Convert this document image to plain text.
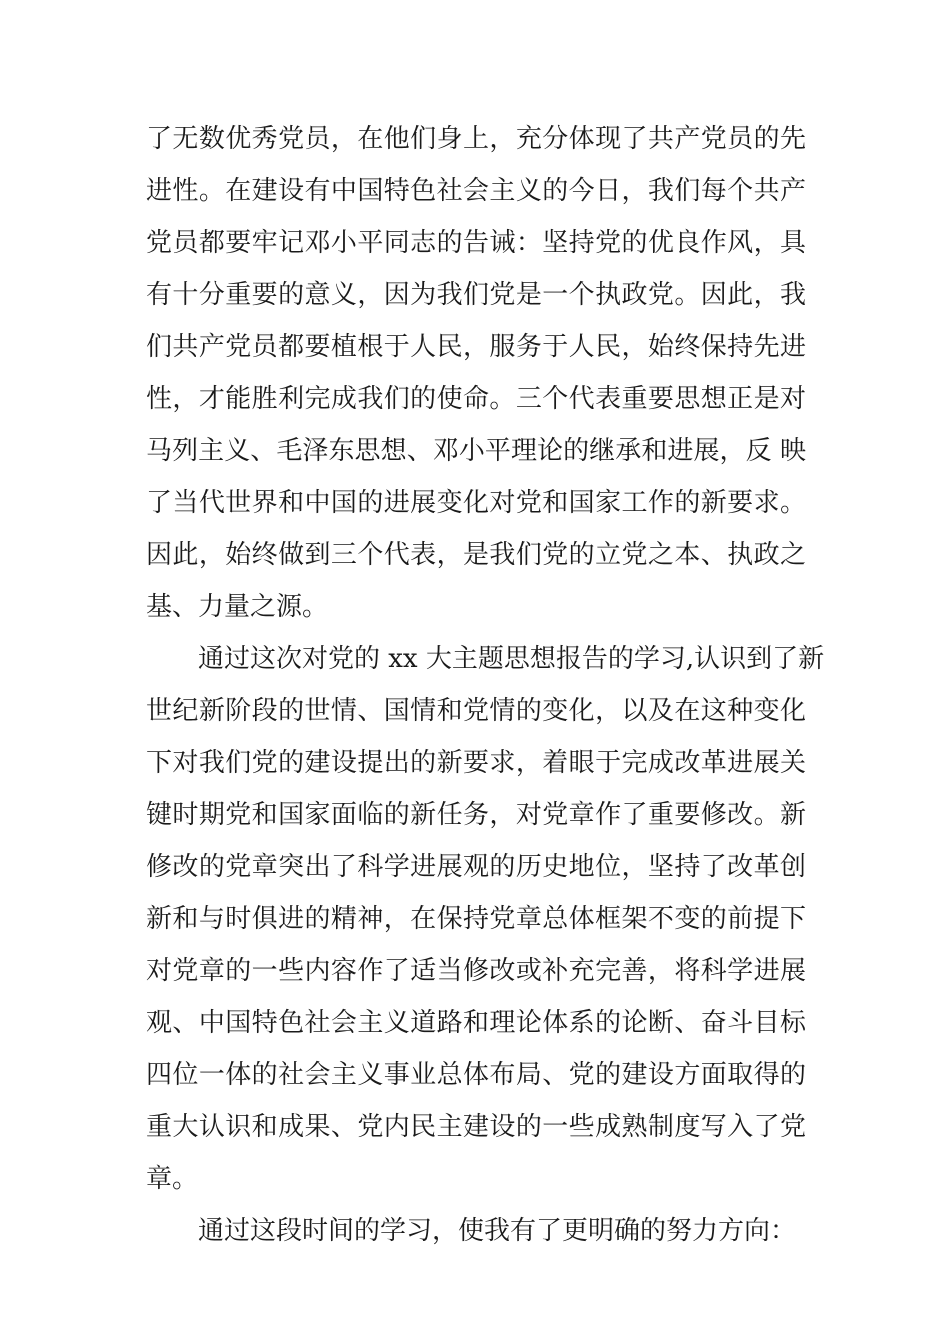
了无数优秀党员，在他们身上，充分体现了共产党员的先
进性。在建设有中国特色社会主义的今日，我们每个共产
党员都要牢记邓小平同志的告诫：坚持党的优良作风，具
有十分重要的意义，因为我们党是一个执政党。因此，我
们共产党员都要植根于人民，服务于人民，始终保持先进
性，才能胜利完成我们的使命。三个代表重要思想正是对
马列主义、毛泽东思想、邓小平理论的继承和进展，反 映
了当代世界和中国的进展变化对党和国家工作的新要求。
因此，始终做到三个代表，是我们党的立党之本、执政之
基、力量之源。
通过这次对党的 xx 大主题思想报告的学习,认识到了新
世纪新阶段的世情、国情和党情的变化，以及在这种变化
下对我们党的建设提出的新要求，着眼于完成改革进展关
键时期党和国家面临的新任务，对党章作了重要修改。新
修改的党章突出了科学进展观的历史地位，坚持了改革创
新和与时俱进的精神，在保持党章总体框架不变的前提下
对党章的一些内容作了适当修改或补充完善，将科学进展
观、中国特色社会主义道路和理论体系的论断、奋斗目标
四位一体的社会主义事业总体布局、党的建设方面取得的
重大认识和成果、党内民主建设的一些成熟制度写入了党
章。
通过这段时间的学习，使我有了更明确的努力方向：
